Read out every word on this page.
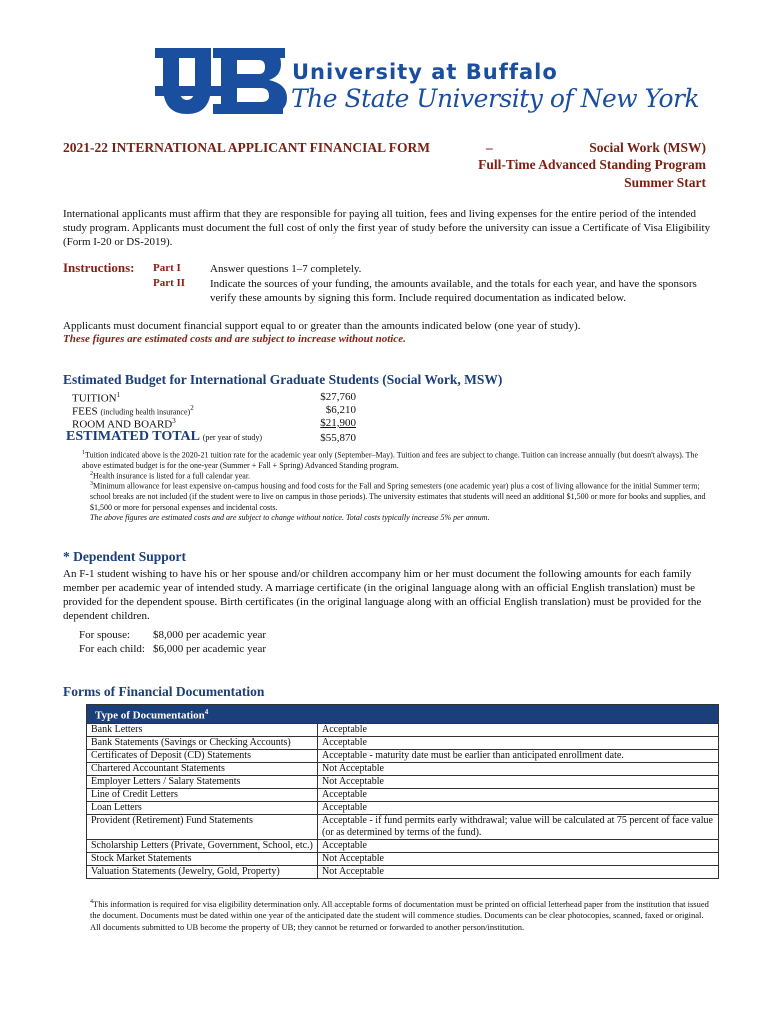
University at Buffalo
The State University of New York
2021-22 INTERNATIONAL APPLICANT FINANCIAL FORM	–	Social Work (MSW)
Full-Time Advanced Standing Program
Summer Start
International applicants must affirm that they are responsible for paying all tuition, fees and living expenses for the entire period of the intended study program. Applicants must document the full cost of only the first year of study before the university can issue a Certificate of Visa Eligibility (Form I-20 or DS-2019).
Instructions: Part I	Answer questions 1–7 completely.
Part II Indicate the sources of your funding, the amounts available, and the totals for each year, and have the sponsors verify these amounts by signing this form. Include required documentation as indicated below.
Applicants must document financial support equal to or greater than the amounts indicated below (one year of study).
These figures are estimated costs and are subject to increase without notice.
Estimated Budget for International Graduate Students (Social Work, MSW)
TUITION$^1$	$27,760
FEES (including health insurance)$^2$	$6,210
ROOM AND BOARD$^3$	$21,900
ESTIMATED TOTAL (per year of study)	$55,870
$^1$Tuition indicated above is the 2020-21 tuition rate for the academic year only (September–May). Tuition and fees are subject to change. Tuition can increase annually (but doesn't always). The above estimated budget is for the one-year (Summer + Fall + Spring) Advanced Standing program.
$^2$Health insurance is listed for a full calendar year.
$^3$Minimum allowance for least expensive on-campus housing and food costs for the Fall and Spring semesters (one academic year) plus a cost of living allowance for the initial Summer term; school breaks are not included (if the student were to live on campus in those periods). The university estimates that students will need an additional $1,500 or more for books and supplies, and $1,500 or more for personal expenses and incidental costs.
The above figures are estimated costs and are subject to change without notice. Total costs typically increase 5% per annum.
* Dependent Support
An F-1 student wishing to have his or her spouse and/or children accompany him or her must document the following amounts for each family member per academic year of intended study. A marriage certificate (in the original language along with an official English translation) must be provided for the dependent spouse. Birth certificates (in the original language along with an official English translation) must be provided for the dependent children.
For spouse: $8,000 per academic year
For each child: $6,000 per academic year
Forms of Financial Documentation
Type of Documentation$^4$
Bank Letters	Acceptable
Bank Statements (Savings or Checking Accounts)	Acceptable
Certificates of Deposit (CD) Statements	Acceptable - maturity date must be earlier than anticipated enrollment date.
Chartered Accountant Statements	Not Acceptable
Employer Letters / Salary Statements	Not Acceptable
Line of Credit Letters	Acceptable
Loan Letters	Acceptable
Provident (Retirement) Fund Statements	Acceptable - if fund permits early withdrawal; value will be calculated at 75 percent of face value (or as determined by terms of the fund).
Scholarship Letters (Private, Government, School, etc.)	Acceptable
Stock Market Statements	Not Acceptable
Valuation Statements (Jewelry, Gold, Property)	Not Acceptable
$^4$This information is required for visa eligibility determination only. All acceptable forms of documentation must be printed on official letterhead paper from the institution that issued the document. Documents must be dated within one year of the anticipated date the student will commence studies. Documents can be clear photocopies, scanned, faxed or original. All documents submitted to UB become the property of UB; they cannot be returned or forwarded to another person/institution.
